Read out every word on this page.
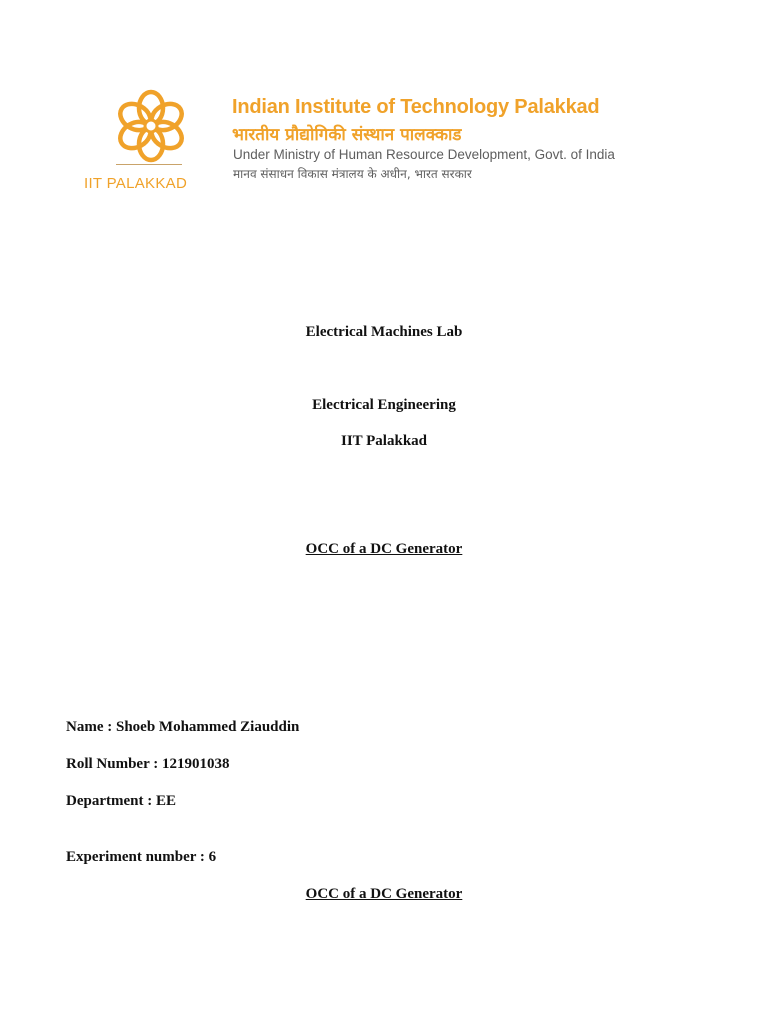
IIT PALAKKAD
Indian Institute of Technology Palakkad
भारतीय प्रौद्योगिकी संस्थान पालक्काड
Under Ministry of Human Resource Development, Govt. of India
मानव संसाधन विकास मंत्रालय के अधीन, भारत सरकार
Electrical Machines Lab
Electrical Engineering
IIT Palakkad
OCC of a DC Generator
Name : Shoeb Mohammed Ziauddin
Roll Number : 121901038
Department : EE
Experiment number : 6
OCC of a DC Generator
